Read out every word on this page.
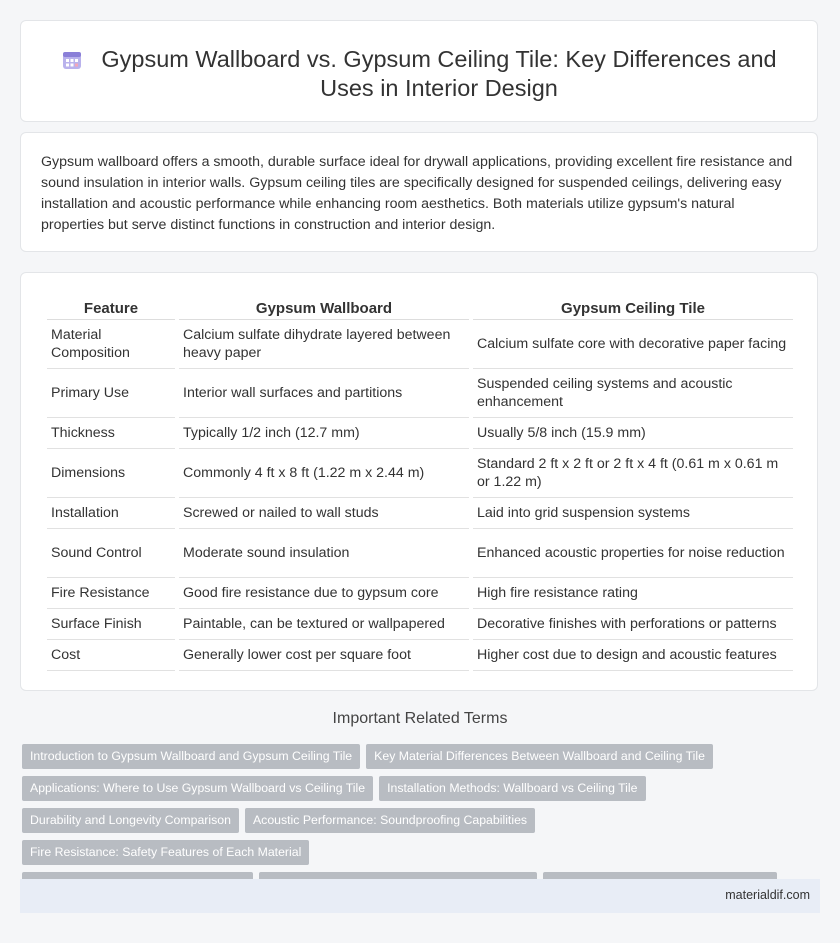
Gypsum Wallboard vs. Gypsum Ceiling Tile: Key Differences and Uses in Interior Design

Gypsum wallboard offers a smooth, durable surface ideal for drywall applications, providing excellent fire resistance and sound insulation in interior walls. Gypsum ceiling tiles are specifically designed for suspended ceilings, delivering easy installation and acoustic performance while enhancing room aesthetics. Both materials utilize gypsum's natural properties but serve distinct functions in construction and interior design.

Feature	Gypsum Wallboard	Gypsum Ceiling Tile
Material Composition	Calcium sulfate dihydrate layered between heavy paper	Calcium sulfate core with decorative paper facing
Primary Use	Interior wall surfaces and partitions	Suspended ceiling systems and acoustic enhancement
Thickness	Typically 1/2 inch (12.7 mm)	Usually 5/8 inch (15.9 mm)
Dimensions	Commonly 4 ft x 8 ft (1.22 m x 2.44 m)	Standard 2 ft x 2 ft or 2 ft x 4 ft (0.61 m x 0.61 m or 1.22 m)
Installation	Screwed or nailed to wall studs	Laid into grid suspension systems
Sound Control	Moderate sound insulation	Enhanced acoustic properties for noise reduction
Fire Resistance	Good fire resistance due to gypsum core	High fire resistance rating
Surface Finish	Paintable, can be textured or wallpapered	Decorative finishes with perforations or patterns
Cost	Generally lower cost per square foot	Higher cost due to design and acoustic features
Important Related Terms
Introduction to Gypsum Wallboard and Gypsum Ceiling Tile Key Material Differences Between Wallboard and Ceiling Tile
Applications: Where to Use Gypsum Wallboard vs Ceiling Tile Installation Methods: Wallboard vs Ceiling Tile
Durability and Longevity Comparison Acoustic Performance: Soundproofing CapabilitiesFire Resistance: Safety Features of Each Material

materialdif.com
